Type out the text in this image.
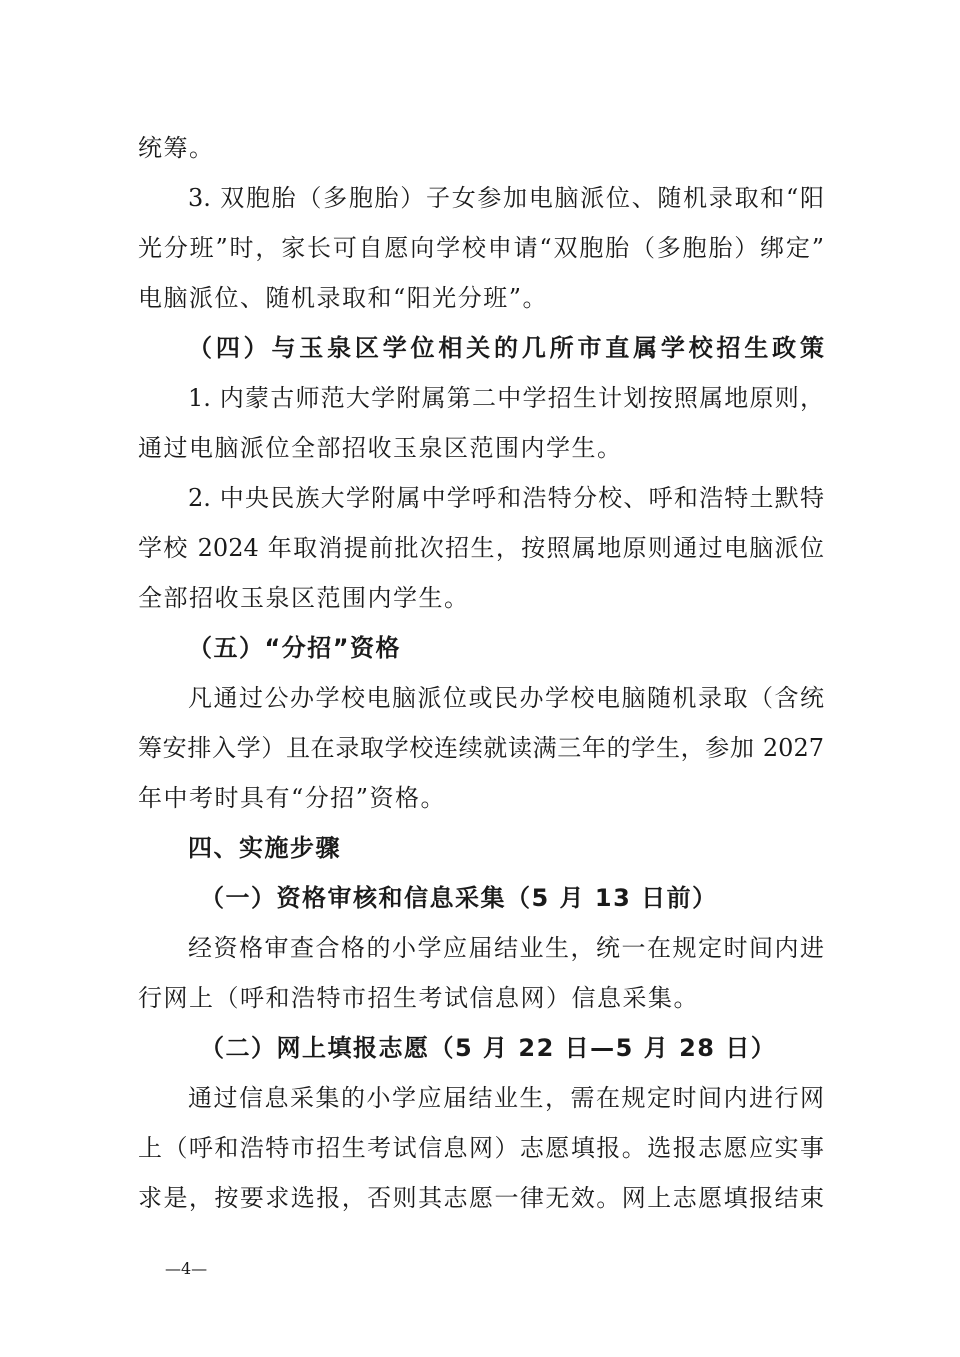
统筹。
3. 双胞胎（多胞胎）子女参加电脑派位、随机录取和“阳
光分班”时，家长可自愿向学校申请“双胞胎（多胞胎）绑定”
电脑派位、随机录取和“阳光分班”。
（四）与玉泉区学位相关的几所市直属学校招生政策
1. 内蒙古师范大学附属第二中学招生计划按照属地原则，
通过电脑派位全部招收玉泉区范围内学生。
2. 中央民族大学附属中学呼和浩特分校、呼和浩特土默特
学校 2024 年取消提前批次招生，按照属地原则通过电脑派位
全部招收玉泉区范围内学生。
（五）“分招”资格
凡通过公办学校电脑派位或民办学校电脑随机录取（含统
筹安排入学）且在录取学校连续就读满三年的学生，参加 2027
年中考时具有“分招”资格。
四、实施步骤
（一）资格审核和信息采集（5 月 13 日前）
经资格审查合格的小学应届结业生，统一在规定时间内进
行网上（呼和浩特市招生考试信息网）信息采集。
（二）网上填报志愿（5 月 22 日—5 月 28 日）
通过信息采集的小学应届结业生，需在规定时间内进行网
上（呼和浩特市招生考试信息网）志愿填报。选报志愿应实事
求是，按要求选报，否则其志愿一律无效。网上志愿填报结束
—4—
